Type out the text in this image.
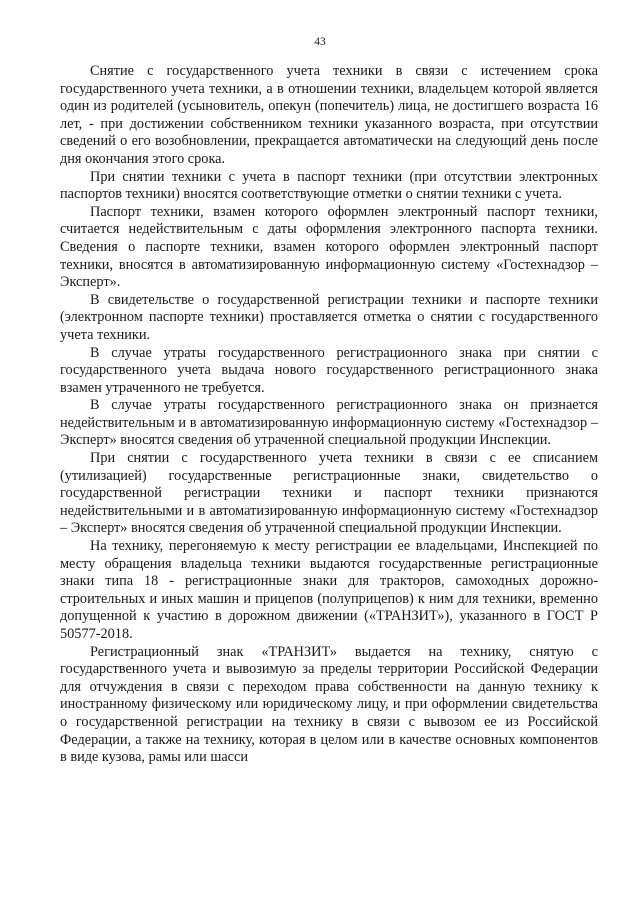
43

Снятие с государственного учета техники в связи с истечением срока государственного учета техники, а в отношении техники, владельцем которой является один из родителей (усыновитель, опекун (попечитель) лица, не достигшего возраста 16 лет, - при достижении собственником техники указанного возраста, при отсутствии сведений о его возобновлении, прекращается автоматически на следующий день после дня окончания этого срока.

При снятии техники с учета в паспорт техники (при отсутствии электронных паспортов техники) вносятся соответствующие отметки о снятии техники с учета.

Паспорт техники, взамен которого оформлен электронный паспорт техники, считается недействительным с даты оформления электронного паспорта техники. Сведения о паспорте техники, взамен которого оформлен электронный паспорт техники, вносятся в автоматизированную информационную систему «Гостехнадзор – Эксперт».

В свидетельстве о государственной регистрации техники и паспорте техники (электронном паспорте техники) проставляется отметка о снятии с государственного учета техники.

В случае утраты государственного регистрационного знака при снятии с государственного учета выдача нового государственного регистрационного знака взамен утраченного не требуется.

В случае утраты государственного регистрационного знака он признается недействительным и в автоматизированную информационную систему «Гостехнадзор – Эксперт» вносятся сведения об утраченной специальной продукции Инспекции.

При снятии с государственного учета техники в связи с ее списанием (утилизацией) государственные регистрационные знаки, свидетельство о государственной регистрации техники и паспорт техники признаются недействительными и в автоматизированную информационную систему «Гостехнадзор – Эксперт» вносятся сведения об утраченной специальной продукции Инспекции.

На технику, перегоняемую к месту регистрации ее владельцами, Инспекцией по месту обращения владельца техники выдаются государственные регистрационные знаки типа 18 - регистрационные знаки для тракторов, самоходных дорожно-строительных и иных машин и прицепов (полуприцепов) к ним для техники, временно допущенной к участию в дорожном движении («ТРАНЗИТ»), указанного в ГОСТ Р 50577-2018.

Регистрационный знак «ТРАНЗИТ» выдается на технику, снятую с государственного учета и вывозимую за пределы территории Российской Федерации для отчуждения в связи с переходом права собственности на данную технику к иностранному физическому или юридическому лицу, и при оформлении свидетельства о государственной регистрации на технику в связи с вывозом ее из Российской Федерации, а также на технику, которая в целом или в качестве основных компонентов в виде кузова, рамы или шасси
